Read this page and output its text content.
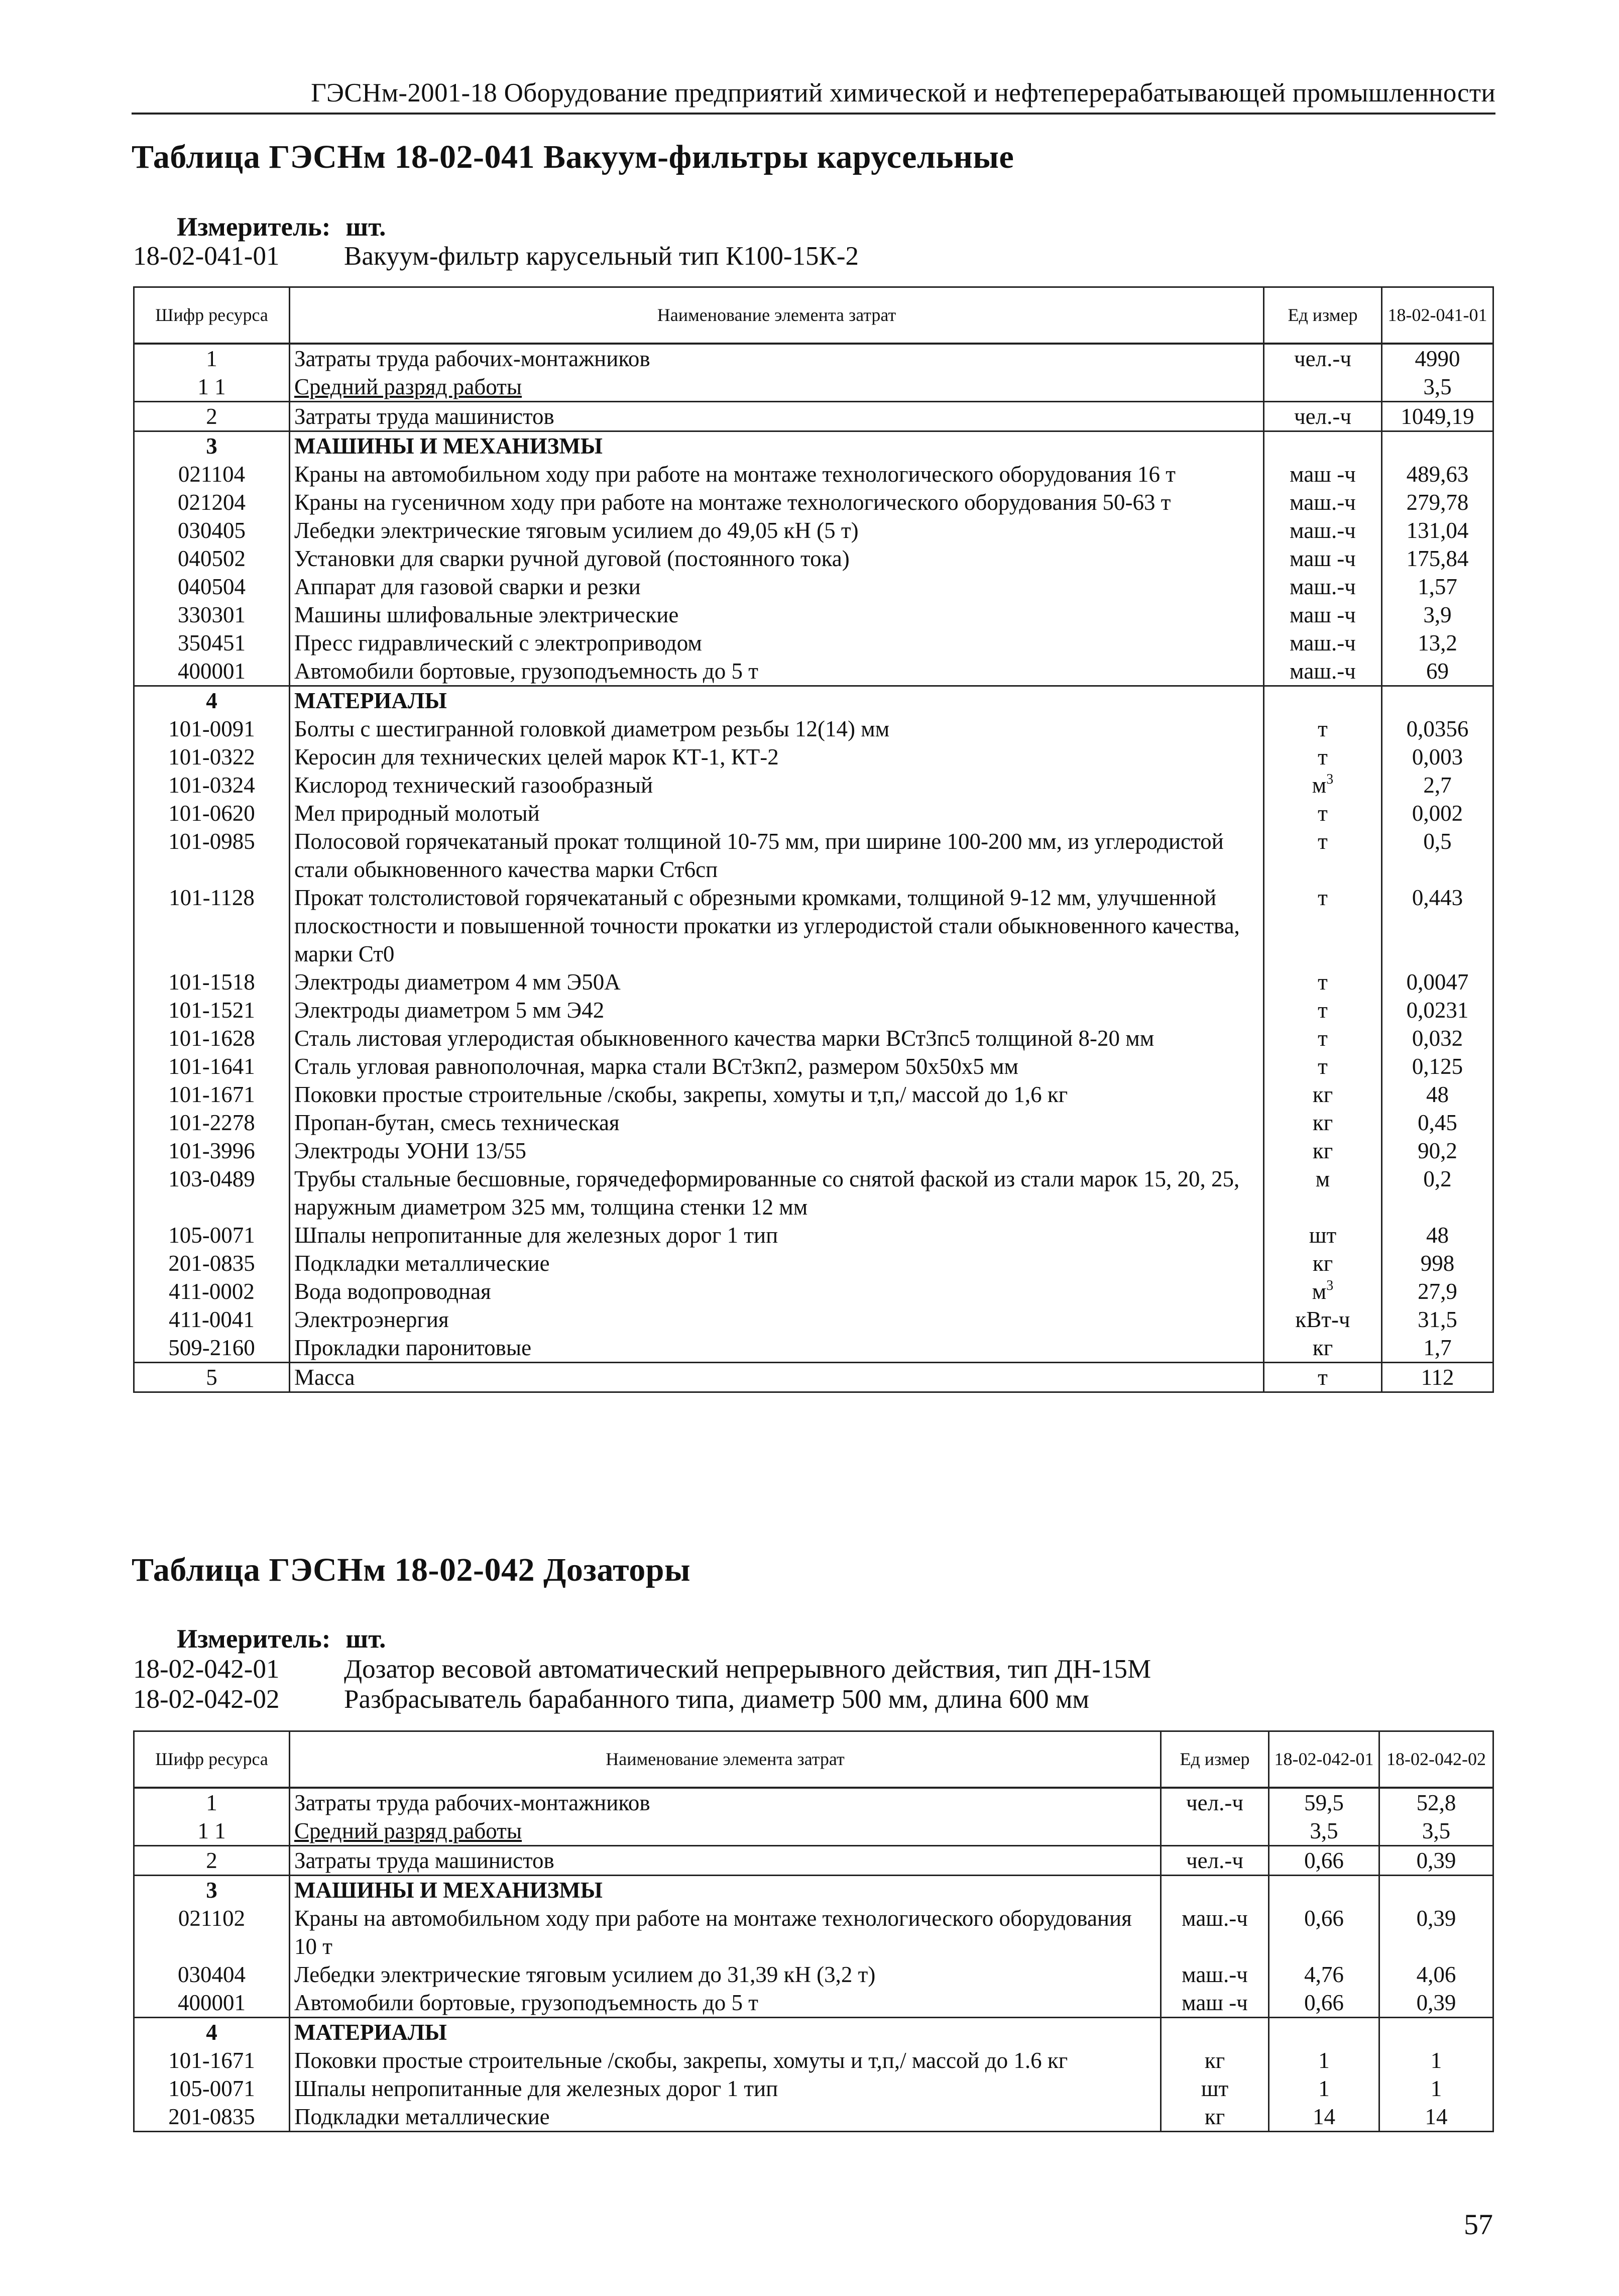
ГЭСНм-2001-18 Оборудование предприятий химической и нефтеперерабатывающей промышленности
Таблица ГЭСНм 18-02-041 Вакуум-фильтры карусельные
Измеритель: шт.
18-02-041-01 Вакуум-фильтр карусельный тип К100-15К-2
Шифр ресурса	Наименование элемента затрат	Ед измер	18-02-041-01
1	Затраты труда рабочих-монтажников	чел.-ч	4990
1 1	Средний разряд работы		3,5
2	Затраты труда машинистов	чел.-ч	1049,19
3	МАШИНЫ И МЕХАНИЗМЫ		
021104	Краны на автомобильном ходу при работе на монтаже технологического оборудования 16 т	маш -ч	489,63
021204	Краны на гусеничном ходу при работе на монтаже технологического оборудования 50-63 т	маш.-ч	279,78
030405	Лебедки электрические тяговым усилием до 49,05 кН (5 т)	маш.-ч	131,04
040502	Установки для сварки ручной дуговой (постоянного тока)	маш -ч	175,84
040504	Аппарат для газовой сварки и резки	маш.-ч	1,57
330301	Машины шлифовальные электрические	маш -ч	3,9
350451	Пресс гидравлический с электроприводом	маш.-ч	13,2
400001	Автомобили бортовые, грузоподъемность до 5 т	маш.-ч	69
4	МАТЕРИАЛЫ		
101-0091	Болты с шестигранной головкой диаметром резьбы 12(14) мм	т	0,0356
101-0322	Керосин для технических целей марок КТ-1, КТ-2	т	0,003
101-0324	Кислород технический газообразный	$м^3$	2,7
101-0620	Мел природный молотый	т	0,002
101-0985	Полосовой горячекатаный прокат толщиной 10-75 мм, при ширине 100-200 мм, из углеродистой стали обыкновенного качества марки Ст6сп	т	0,5
101-1128	Прокат толстолистовой горячекатаный с обрезными кромками, толщиной 9-12 мм, улучшенной плоскостности и повышенной точности прокатки из углеродистой стали обыкновенного качества, марки Ст0	т	0,443
101-1518	Электроды диаметром 4 мм Э50А	т	0,0047
101-1521	Электроды диаметром 5 мм Э42	т	0,0231
101-1628	Сталь листовая углеродистая обыкновенного качества марки ВСт3пс5 толщиной 8-20 мм	т	0,032
101-1641	Сталь угловая равнополочная, марка стали ВСт3кп2, размером 50x50x5 мм	т	0,125
101-1671	Поковки простые строительные /скобы, закрепы, хомуты и т,п,/ массой до 1,6 кг	кг	48
101-2278	Пропан-бутан, смесь техническая	кг	0,45
101-3996	Электроды УОНИ 13/55	кг	90,2
103-0489	Трубы стальные бесшовные, горячедеформированные со снятой фаской из стали марок 15, 20, 25, наружным диаметром 325 мм, толщина стенки 12 мм	м	0,2
105-0071	Шпалы непропитанные для железных дорог 1 тип	шт	48
201-0835	Подкладки металлические	кг	998
411-0002	Вода водопроводная	$м^3$	27,9
411-0041	Электроэнергия	кВт-ч	31,5
509-2160	Прокладки паронитовые	кг	1,7
5	Масса	т	112
Таблица ГЭСНм 18-02-042 Дозаторы
Измеритель: шт.
18-02-042-01 Дозатор весовой автоматический непрерывного действия, тип ДН-15М
18-02-042-02 Разбрасыватель барабанного типа, диаметр 500 мм, длина 600 мм
Шифр ресурса	Наименование элемента затрат	Ед измер	18-02-042-01	18-02-042-02
1	Затраты труда рабочих-монтажников	чел.-ч	59,5	52,8
1 1	Средний разряд работы		3,5	3,5
2	Затраты труда машинистов	чел.-ч	0,66	0,39
3	МАШИНЫ И МЕХАНИЗМЫ			
021102	Краны на автомобильном ходу при работе на монтаже технологического оборудования 10 т	маш.-ч	0,66	0,39
030404	Лебедки электрические тяговым усилием до 31,39 кН (3,2 т)	маш.-ч	4,76	4,06
400001	Автомобили бортовые, грузоподъемность до 5 т	маш -ч	0,66	0,39
4	МАТЕРИАЛЫ			
101-1671	Поковки простые строительные /скобы, закрепы, хомуты и т,п,/ массой до 1.6 кг	кг	1	1
105-0071	Шпалы непропитанные для железных дорог 1 тип	шт	1	1
201-0835	Подкладки металлические	кг	14	14
57
